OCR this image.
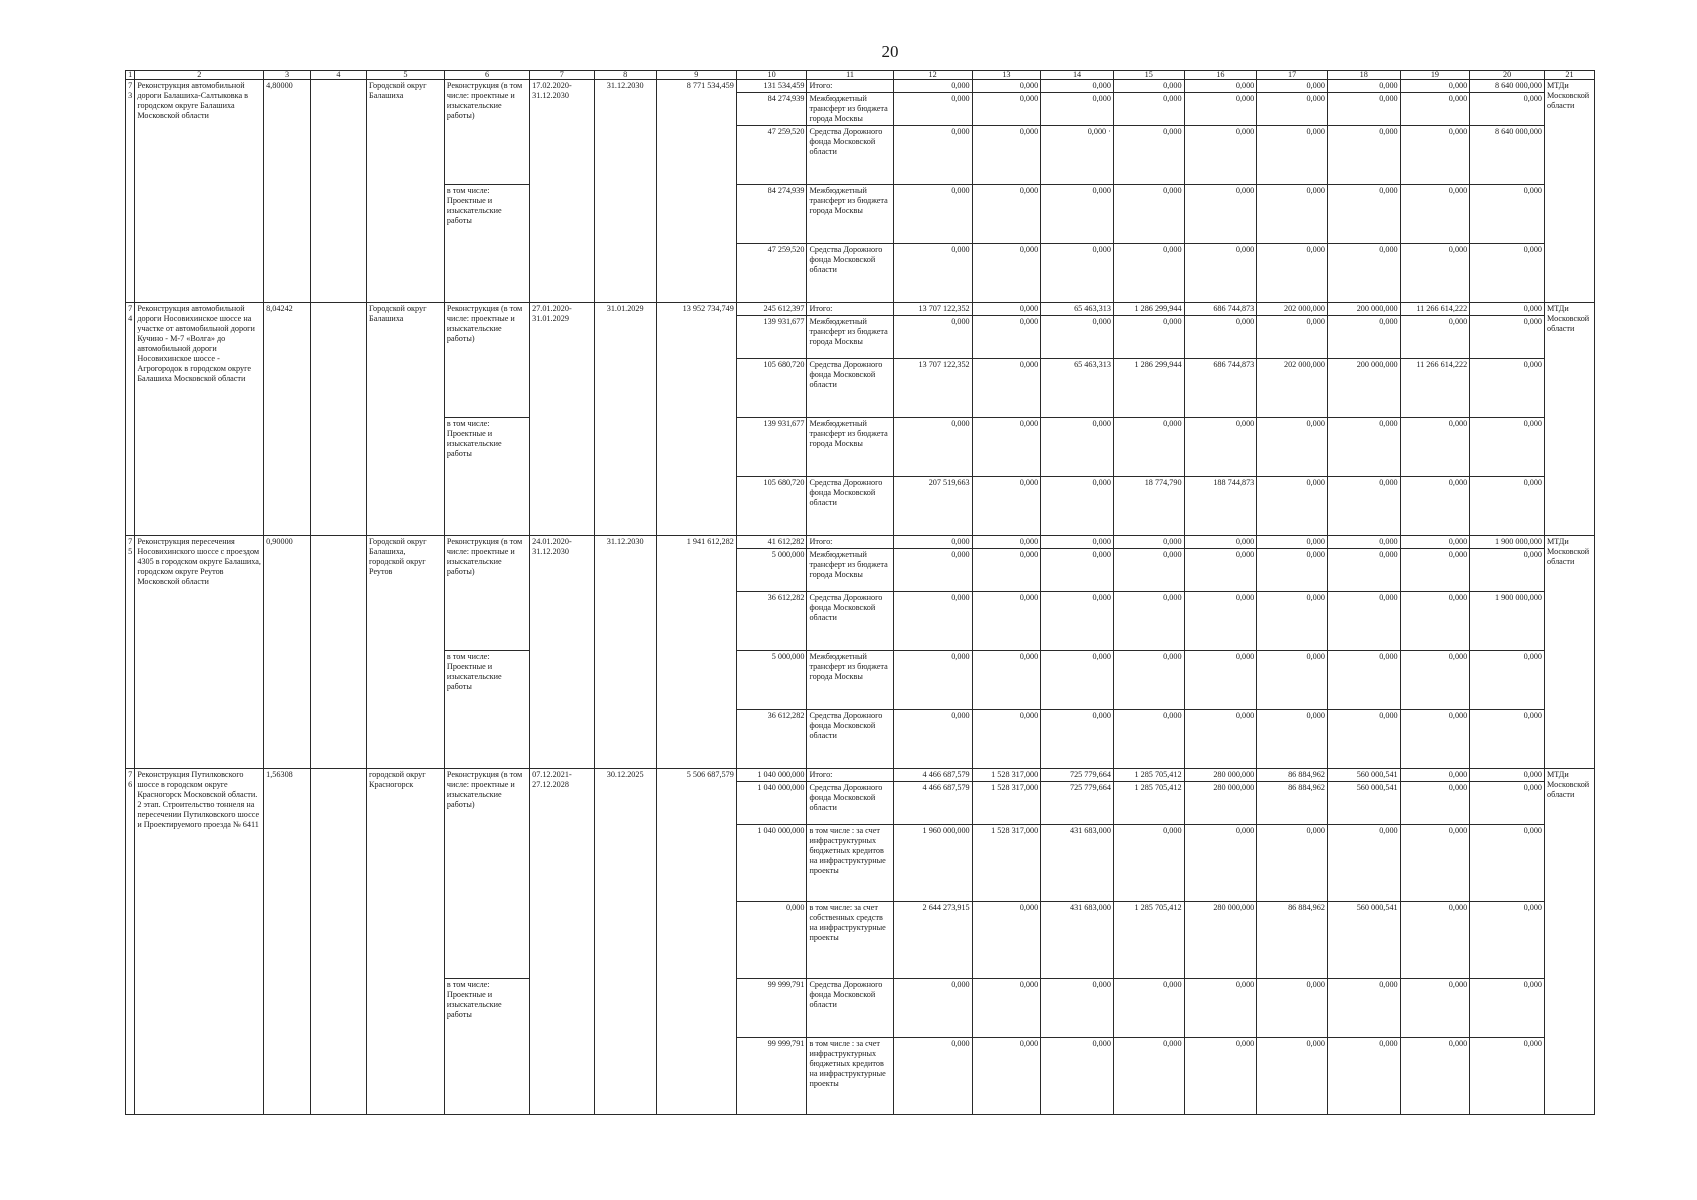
20
1	2	3	4	5	6	7	8	9	10	11	12	13	14	15	16	17	18	19	20	21
73	Реконструкция автомобильной дороги Балашиха-Салтыковка в городском округе Балашиха Московской области	4,80000		Городской округ Балашиха	Реконструкция (в том числе: проектные и изыскательские работы)	17.02.2020-31.12.2030	31.12.2030	8 771 534,459	131 534,459	Итого:	0,000	0,000	0,000	0,000	0,000	0,000	0,000	0,000	8 640 000,000	МТДи Московской области
									84 274,939	Межбюджетный трансферт из бюджета города Москвы	0,000	0,000	0,000	0,000	0,000	0,000	0,000	0,000	0,000	
									47 259,520	Средства Дорожного фонда Московской области	0,000	0,000	0,000 ·	0,000	0,000	0,000	0,000	0,000	8 640 000,000	
					в том числе: Проектные и изыскательские работы				84 274,939	Межбюджетный трансферт из бюджета города Москвы	0,000	0,000	0,000	0,000	0,000	0,000	0,000	0,000	0,000	
									47 259,520	Средства Дорожного фонда Московской области	0,000	0,000	0,000	0,000	0,000	0,000	0,000	0,000	0,000	
74	Реконструкция автомобильной дороги Носовихинское шоссе на участке от автомобильной дороги Кучино - М-7 «Волга» до автомобильной дороги Носовихинское шоссе - Агрогородок в городском округе Балашиха Московской области	8,04242		Городской округ Балашиха	Реконструкция (в том числе: проектные и изыскательские работы)	27.01.2020-31.01.2029	31.01.2029	13 952 734,749	245 612,397	Итого:	13 707 122,352	0,000	65 463,313	1 286 299,944	686 744,873	202 000,000	200 000,000	11 266 614,222	0,000	МТДи Московской области
									139 931,677	Межбюджетный трансферт из бюджета города Москвы	0,000	0,000	0,000	0,000	0,000	0,000	0,000	0,000	0,000	
									105 680,720	Средства Дорожного фонда Московской области	13 707 122,352	0,000	65 463,313	1 286 299,944	686 744,873	202 000,000	200 000,000	11 266 614,222	0,000	
					в том числе: Проектные и изыскательские работы				139 931,677	Межбюджетный трансферт из бюджета города Москвы	0,000	0,000	0,000	0,000	0,000	0,000	0,000	0,000	0,000	
									105 680,720	Средства Дорожного фонда Московской области	207 519,663	0,000	0,000	18 774,790	188 744,873	0,000	0,000	0,000	0,000	
75	Реконструкция пересечения Носовихинского шоссе с проездом 4305 в городском округе Балашиха, городском округе Реутов Московской области	0,90000		Городской округ Балашиха, городской округ Реутов	Реконструкция (в том числе: проектные и изыскательские работы)	24.01.2020-31.12.2030	31.12.2030	1 941 612,282	41 612,282	Итого:	0,000	0,000	0,000	0,000	0,000	0,000	0,000	0,000	1 900 000,000	МТДи Московской области
									5 000,000	Межбюджетный трансферт из бюджета города Москвы	0,000	0,000	0,000	0,000	0,000	0,000	0,000	0,000	0,000	
									36 612,282	Средства Дорожного фонда Московской области	0,000	0,000	0,000	0,000	0,000	0,000	0,000	0,000	1 900 000,000	
					в том числе: Проектные и изыскательские работы				5 000,000	Межбюджетный трансферт из бюджета города Москвы	0,000	0,000	0,000	0,000	0,000	0,000	0,000	0,000	0,000	
									36 612,282	Средства Дорожного фонда Московской области	0,000	0,000	0,000	0,000	0,000	0,000	0,000	0,000	0,000	
76	Реконструкция Путилковского шоссе в городском округе Красногорск Московской области. 2 этап. Строительство тоннеля на пересечении Путилковского шоссе и Проектируемого проезда № 6411	1,56308		городской округ Красногорск	Реконструкция (в том числе: проектные и изыскательские работы)	07.12.2021-27.12.2028	30.12.2025	5 506 687,579	1 040 000,000	Итого:	4 466 687,579	1 528 317,000	725 779,664	1 285 705,412	280 000,000	86 884,962	560 000,541	0,000	0,000	МТДи Московской области
									1 040 000,000	Средства Дорожного фонда Московской области	4 466 687,579	1 528 317,000	725 779,664	1 285 705,412	280 000,000	86 884,962	560 000,541	0,000	0,000	
									1 040 000,000	в том числе : за счет инфраструктурных бюджетных кредитов на инфраструктурные проекты	1 960 000,000	1 528 317,000	431 683,000	0,000	0,000	0,000	0,000	0,000	0,000	
									0,000	в том числе: за счет собственных средств на инфраструктурные проекты	2 644 273,915	0,000	431 683,000	1 285 705,412	280 000,000	86 884,962	560 000,541	0,000	0,000	
					в том числе: Проектные и изыскательские работы				99 999,791	Средства Дорожного фонда Московской области	0,000	0,000	0,000	0,000	0,000	0,000	0,000	0,000	0,000	
									99 999,791	в том числе : за счет инфраструктурных бюджетных кредитов на инфраструктурные проекты	0,000	0,000	0,000	0,000	0,000	0,000	0,000	0,000	0,000	
